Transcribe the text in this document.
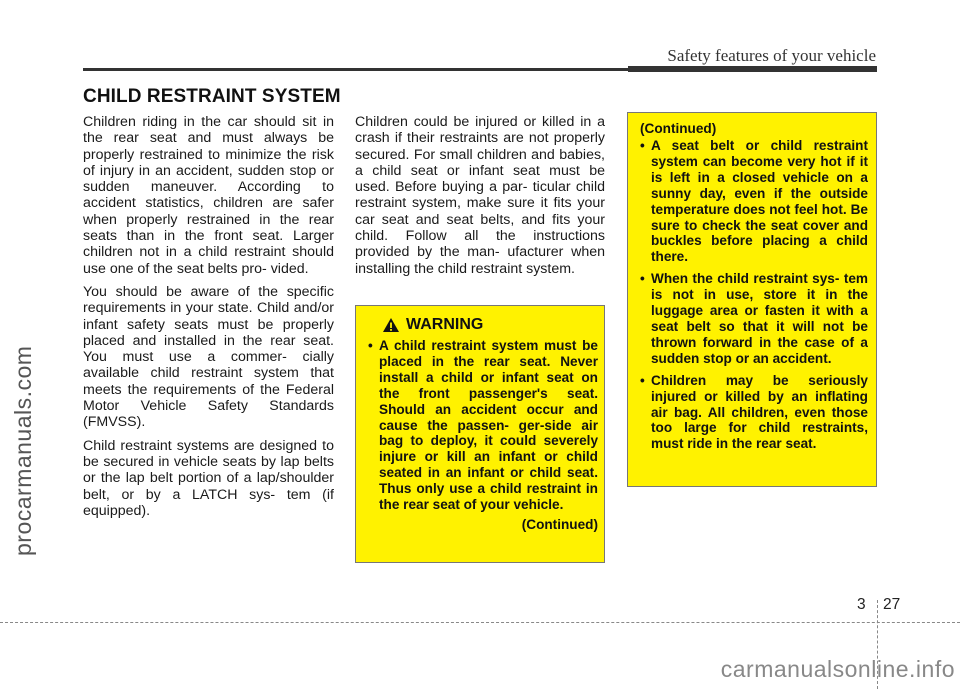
Safety features of your vehicle
CHILD RESTRAINT SYSTEM

Children riding in the car should sit in the rear seat and must always be properly restrained to minimize the risk of injury in an accident, sudden stop or sudden maneuver. According to accident statistics, children are safer when properly restrained in the rear seats than in the front seat. Larger children not in a child restraint should use one of the seat belts pro- vided.

You should be aware of the specific requirements in your state. Child and/or infant safety seats must be properly placed and installed in the rear seat. You must use a commer- cially available child restraint system that meets the requirements of the Federal Motor Vehicle Safety Standards (FMVSS).

Child restraint systems are designed to be secured in vehicle seats by lap belts or the lap belt portion of a lap/shoulder belt, or by a LATCH sys- tem (if equipped).

Children could be injured or killed in a crash if their restraints are not properly secured. For small children and babies, a child seat or infant seat must be used. Before buying a par- ticular child restraint system, make sure it fits your car seat and seat belts, and fits your child. Follow all the instructions provided by the man- ufacturer when installing the child restraint system.

WARNING
• A child restraint system must be placed in the rear seat. Never install a child or infant seat on the front passenger's seat. Should an accident occur and cause the passen- ger-side air bag to deploy, it could severely injure or kill an infant or child seated in an infant or child seat. Thus only use a child restraint in the rear seat of your vehicle.
(Continued)
(Continued)
• A seat belt or child restraint system can become very hot if it is left in a closed vehicle on a sunny day, even if the outside temperature does not feel hot. Be sure to check the seat cover and buckles before placing a child there.
• When the child restraint sys- tem is not in use, store it in the luggage area or fasten it with a seat belt so that it will not be thrown forward in the case of a sudden stop or an accident.
• Children may be seriously injured or killed by an inflating air bag. All children, even those too large for child restraints, must ride in the rear seat.
procarmanuals.com
3 27
carmanualsonline.info
